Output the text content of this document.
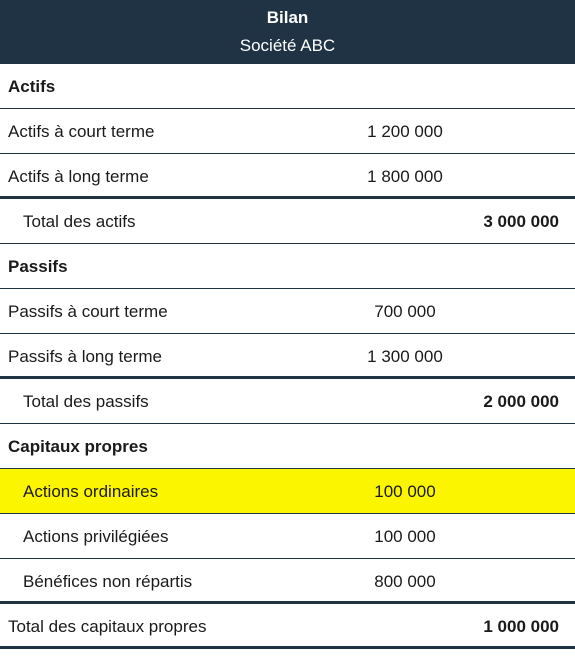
Bilan
Société ABC
Actifs
Actifs à court terme	1 200 000
Actifs à long terme	1 800 000
Total des actifs	3 000 000
Passifs
Passifs à court terme	700 000
Passifs à long terme	1 300 000
Total des passifs	2 000 000
Capitaux propres
Actions ordinaires	100 000
Actions privilégiées	100 000
Bénéfices non répartis	800 000
Total des capitaux propres	1 000 000
